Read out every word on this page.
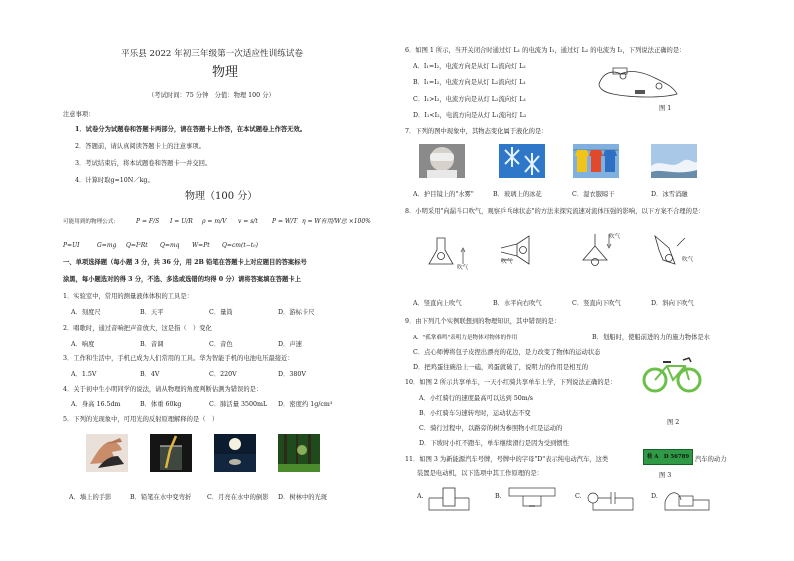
平乐县 2022 年初三年级第一次适应性训练试卷
物理
（考试时间：75 分钟　分值：物理 100 分）
注意事项：
1．试卷分为试题卷和答题卡两部分，请在答题卡上作答，在本试题卷上作答无效。
2．答题前，请认真阅读答题卡上的注意事项。
3．考试结束后，将本试题卷和答题卡一并交回。
4．计算时取g=10N／kg。
物理（100 分）
可能用到的物理公式：	P = F/S I = U/R ρ = m/V v = s/t P = W/T η = W有用/W总 ×100%
P=UI	G=mg Q=I²Rt Q=mq W=Pt Q=cm(t−t₀)
一、单项选择题（每小题 3 分，共 36 分，用 2B 铅笔在答题卡上对应题目的答案标号
涂黑，每小题选对的得 3 分，不选、多选或选错的均得 0 分）请将答案填在答题卡上
1．实验室中，常用的测量液体体积的工具是：
A．刻度尺	B．天平	C．量筒	D．游标卡尺
2．唱歌时，通过音响把声音放大，这是指（　）变化
A．响度	B．音调	C．音色	D．声速
3．工作和生活中，手机已成为人们常用的工具。华为智能手机的电池电压最接近：
A．1.5V	B．4V	C．220V	D．380V
4．关于初中生小明同学的说法，请从物理的角度判断估测为错误的是：
A．身高 16.5dm	B．体重 60kg	C．肺活量 3500mL D．密度约 1g/cm³
5．下列的光现象中，可用光的反射原理解释的是（　）
A．墙上的手影	B．铅笔在水中变弯折 C．月亮在水中的倒影 D．树林中的光斑
6．如图 1 所示，当开关闭合时通过灯 L₁ 的电流为 I₁，通过灯 L₂ 的电流为 I₂，下列说法正确的是：
A．I₁=I₂，电流方向是从灯 L₁流向灯 L₂
B．I₁=I₂，电流方向是从灯 L₂流向灯 L₁
C．I₁>I₂，电流方向是从灯 L₂流向灯 L₁
D．I₁<I₂，电流方向是从灯 L₁流向灯 L₂
图 1
7．下列的图中现象中，其物态变化属于液化的是：
A．护目镜上的"水雾"	B．玻璃上的冰花	C．湿衣服晾干	D．冰雪消融
8．小明采用"向漏斗口吹气，观察乒乓球状态"的方法来探究流速对流体压强的影响，以下方案不合理的是：
吹气
吹气
吹气
吹气
A．竖直向上吹气	B．水平向右吹气	C．竖直向下吹气	D．斜向下吹气
9．由下列几个实例联想到的物理知识，其中错误的是：
A．"孤掌难鸣"表明力是物体对物体的作用	B．划船时，使船前进的力的施力物体是水
C．点心师傅将包子皮捏出漂亮的花边，是力改变了物体的运动状态
D．把鸡蛋往碗沿上一磕，鸡蛋就破了，说明力的作用是相互的
10．如图 2 所示共享单车，一天小红骑共享单车上学，下列说法正确的是：
A．小红骑行的速度最高可以达到 50m/s
B．小红骑车匀速转弯时，运动状态不变
C．骑行过程中，以路旁的树为参照物小红是运动的
D．下坡时小红不蹬车，单车继续滑行是因为受到惯性
图 2
11．如图 3 为新能源汽车号牌，号牌中的字母"D"表示纯电动汽车，这类	桂 A　D 56789 汽车的动力
图 3
装置是电动机，以下选项中其工作原理的是：
A.	B.	C.	D.
